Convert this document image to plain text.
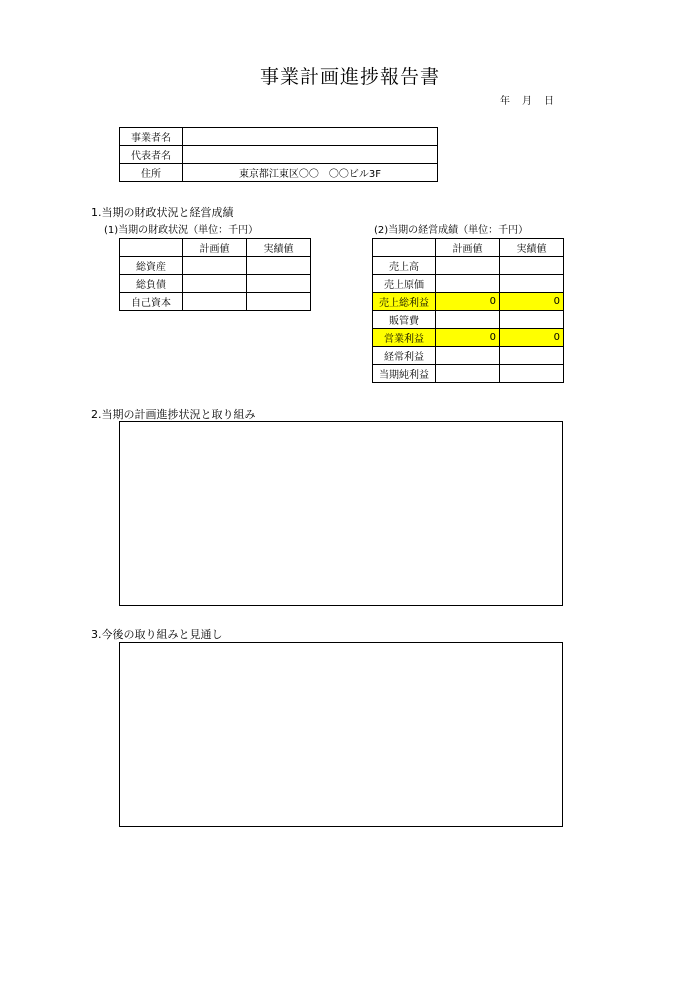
事業計画進捗報告書
年	月	日
事業者名	
代表者名	
住所	東京都江東区〇〇　〇〇ビル3F
1.当期の財政状況と経営成績
(1)当期の財政状況（単位：千円）	(2)当期の経営成績（単位：千円）
	計画値	実績値
総資産		
総負債		
自己資本		
	計画値	実績値
売上高		
売上原価		
売上総利益	0	0
販管費		
営業利益	0	0
経常利益		
当期純利益		
2.当期の計画進捗状況と取り組み
3.今後の取り組みと見通し
